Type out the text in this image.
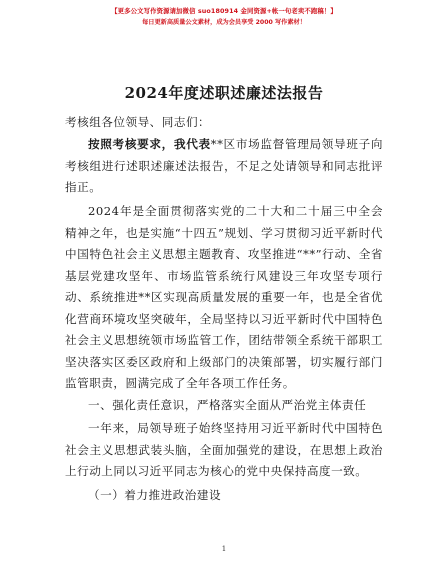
【更多公文写作资源请加微信 suo180914 金同资源+帐一句老卖不跑稿！】
每日更新高质量公文素材，成为会员享受 2000 写作素材！
2024年度述职述廉述法报告
考核组各位领导、同志们：
按照考核要求，我代表**区市场监督管理局领导班子向考核组进行述职述廉述法报告，不足之处请领导和同志批评指正。
2024年是全面贯彻落实党的二十大和二十届三中全会精神之年，也是实施“十四五”规划、学习贯彻习近平新时代中国特色社会主义思想主题教育、攻坚推进“**”行动、全省基层党建攻坚年、市场监管系统行风建设三年攻坚专项行动、系统推进**区实现高质量发展的重要一年，也是全省优化营商环境攻坚突破年，全局坚持以习近平新时代中国特色社会主义思想统领市场监管工作，团结带领全系统干部职工坚决落实区委区政府和上级部门的决策部署，切实履行部门监管职责，圆满完成了全年各项工作任务。
一、强化责任意识，严格落实全面从严治党主体责任
一年来，局领导班子始终坚持用习近平新时代中国特色社会主义思想武装头脑，全面加强党的建设，在思想上政治上行动上同以习近平同志为核心的党中央保持高度一致。
（一）着力推进政治建设
1
